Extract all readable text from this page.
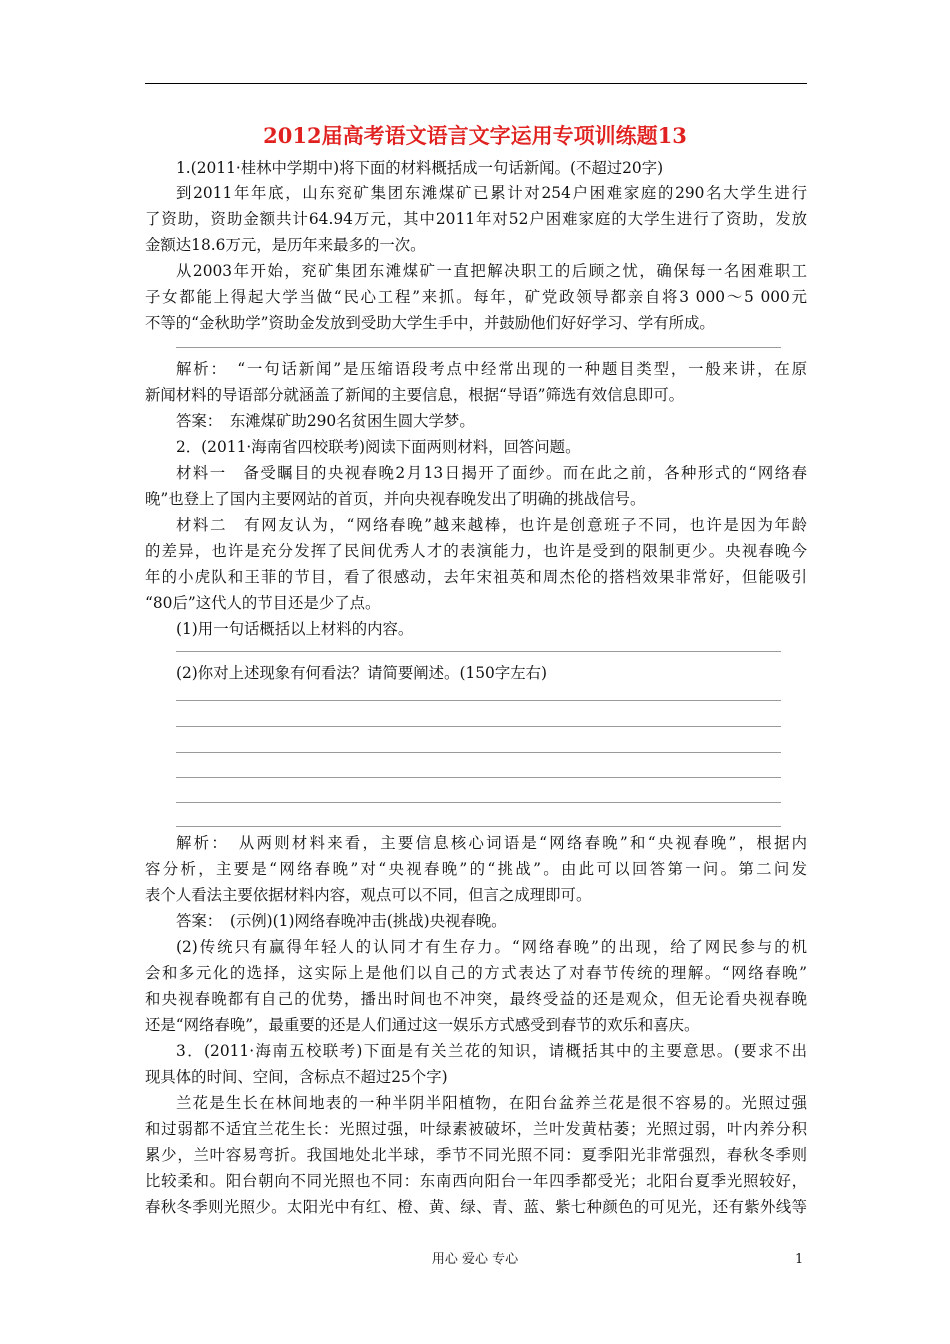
2012届高考语文语言文字运用专项训练题13

1.(2011·桂林中学期中)将下面的材料概括成一句话新闻。(不超过20字)

到2011年年底，山东兖矿集团东滩煤矿已累计对254户困难家庭的290名大学生进行

了资助，资助金额共计64.94万元，其中2011年对52户困难家庭的大学生进行了资助，发放

金额达18.6万元，是历年来最多的一次。

从2003年开始，兖矿集团东滩煤矿一直把解决职工的后顾之忧，确保每一名困难职工

子女都能上得起大学当做“民心工程”来抓。每年，矿党政领导都亲自将3 000～5 000元

不等的“金秋助学”资助金发放到受助大学生手中，并鼓励他们好好学习、学有所成。

解析：　“一句话新闻”是压缩语段考点中经常出现的一种题目类型，一般来讲，在原

新闻材料的导语部分就涵盖了新闻的主要信息，根据“导语”筛选有效信息即可。

答案：　东滩煤矿助290名贫困生圆大学梦。

2．(2011·海南省四校联考)阅读下面两则材料，回答问题。

材料一　备受瞩目的央视春晚2月13日揭开了面纱。而在此之前，各种形式的“网络春

晚”也登上了国内主要网站的首页，并向央视春晚发出了明确的挑战信号。

材料二　有网友认为，“网络春晚”越来越棒，也许是创意班子不同，也许是因为年龄

的差异，也许是充分发挥了民间优秀人才的表演能力，也许是受到的限制更少。央视春晚今

年的小虎队和王菲的节目，看了很感动，去年宋祖英和周杰伦的搭档效果非常好，但能吸引

“80后”这代人的节目还是少了点。

(1)用一句话概括以上材料的内容。

(2)你对上述现象有何看法？请简要阐述。(150字左右)

解析：　从两则材料来看，主要信息核心词语是“网络春晚”和“央视春晚”，根据内

容分析，主要是“网络春晚”对“央视春晚”的“挑战”。由此可以回答第一问。第二问发

表个人看法主要依据材料内容，观点可以不同，但言之成理即可。

答案：　(示例)(1)网络春晚冲击(挑战)央视春晚。

(2)传统只有赢得年轻人的认同才有生存力。“网络春晚”的出现，给了网民参与的机

会和多元化的选择，这实际上是他们以自己的方式表达了对春节传统的理解。“网络春晚”

和央视春晚都有自己的优势，播出时间也不冲突，最终受益的还是观众，但无论看央视春晚

还是“网络春晚”，最重要的还是人们通过这一娱乐方式感受到春节的欢乐和喜庆。

3．(2011·海南五校联考)下面是有关兰花的知识，请概括其中的主要意思。(要求不出

现具体的时间、空间，含标点不超过25个字)

兰花是生长在林间地表的一种半阴半阳植物，在阳台盆养兰花是很不容易的。光照过强

和过弱都不适宜兰花生长：光照过强，叶绿素被破坏，兰叶发黄枯萎；光照过弱，叶内养分积

累少，兰叶容易弯折。我国地处北半球，季节不同光照不同：夏季阳光非常强烈，春秋冬季则

比较柔和。阳台朝向不同光照也不同：东南西向阳台一年四季都受光；北阳台夏季光照较好，

春秋冬季则光照少。太阳光中有红、橙、黄、绿、青、蓝、紫七种颜色的可见光，还有紫外线等

用心 爱心 专心	1
